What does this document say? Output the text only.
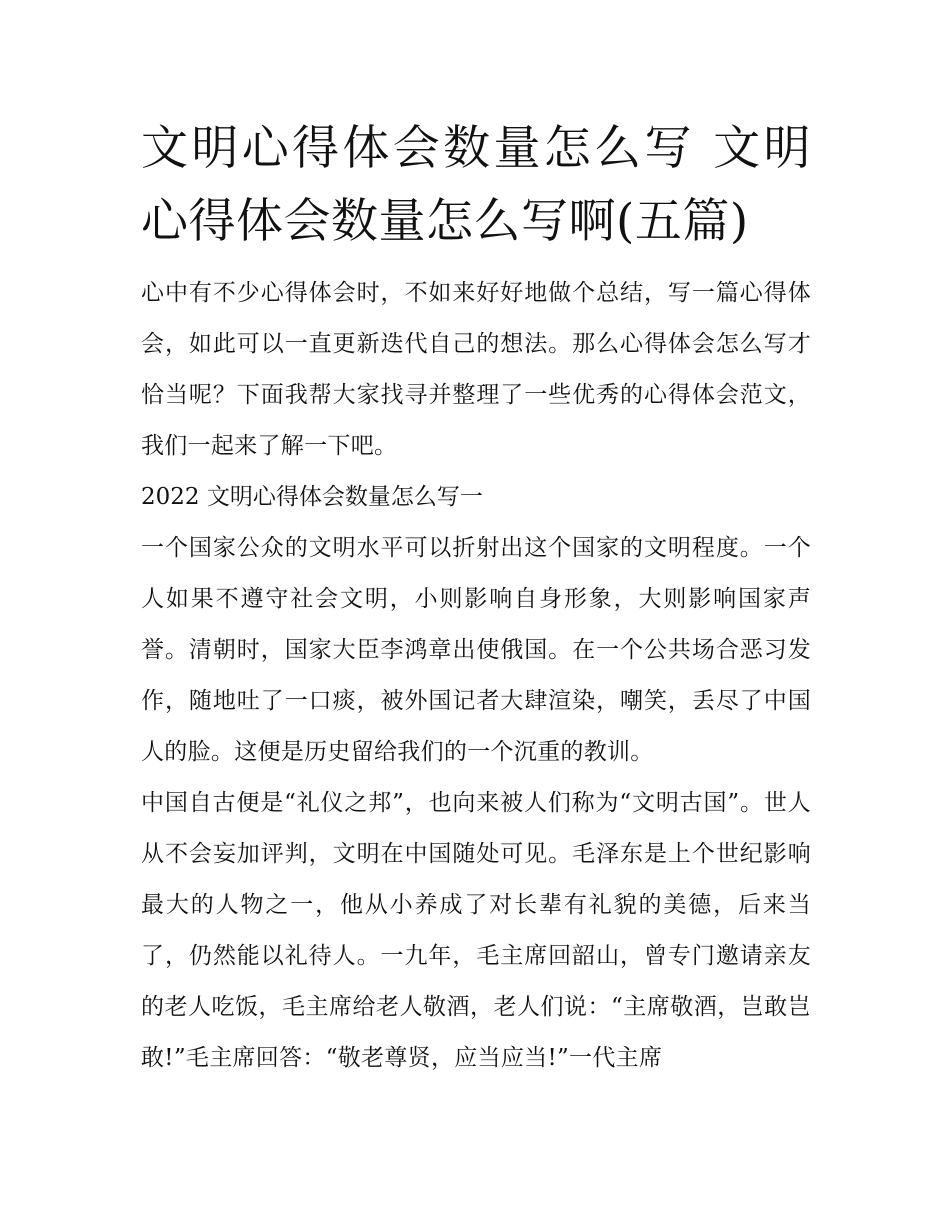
文明心得体会数量怎么写 文明心得体会数量怎么写啊(五篇)

心中有不少心得体会时，不如来好好地做个总结，写一篇心得体会，如此可以一直更新迭代自己的想法。那么心得体会怎么写才恰当呢？下面我帮大家找寻并整理了一些优秀的心得体会范文，我们一起来了解一下吧。

2022 文明心得体会数量怎么写一

一个国家公众的文明水平可以折射出这个国家的文明程度。一个人如果不遵守社会文明，小则影响自身形象，大则影响国家声誉。清朝时，国家大臣李鸿章出使俄国。在一个公共场合恶习发作，随地吐了一口痰，被外国记者大肆渲染，嘲笑，丢尽了中国人的脸。这便是历史留给我们的一个沉重的教训。

中国自古便是“礼仪之邦”，也向来被人们称为“文明古国”。世人从不会妄加评判，文明在中国随处可见。毛泽东是上个世纪影响最大的人物之一，他从小养成了对长辈有礼貌的美德，后来当了，仍然能以礼待人。一九年，毛主席回韶山，曾专门邀请亲友的老人吃饭，毛主席给老人敬酒，老人们说：“主席敬酒，岂敢岂敢!”毛主席回答：“敬老尊贤，应当应当!”一代主席
